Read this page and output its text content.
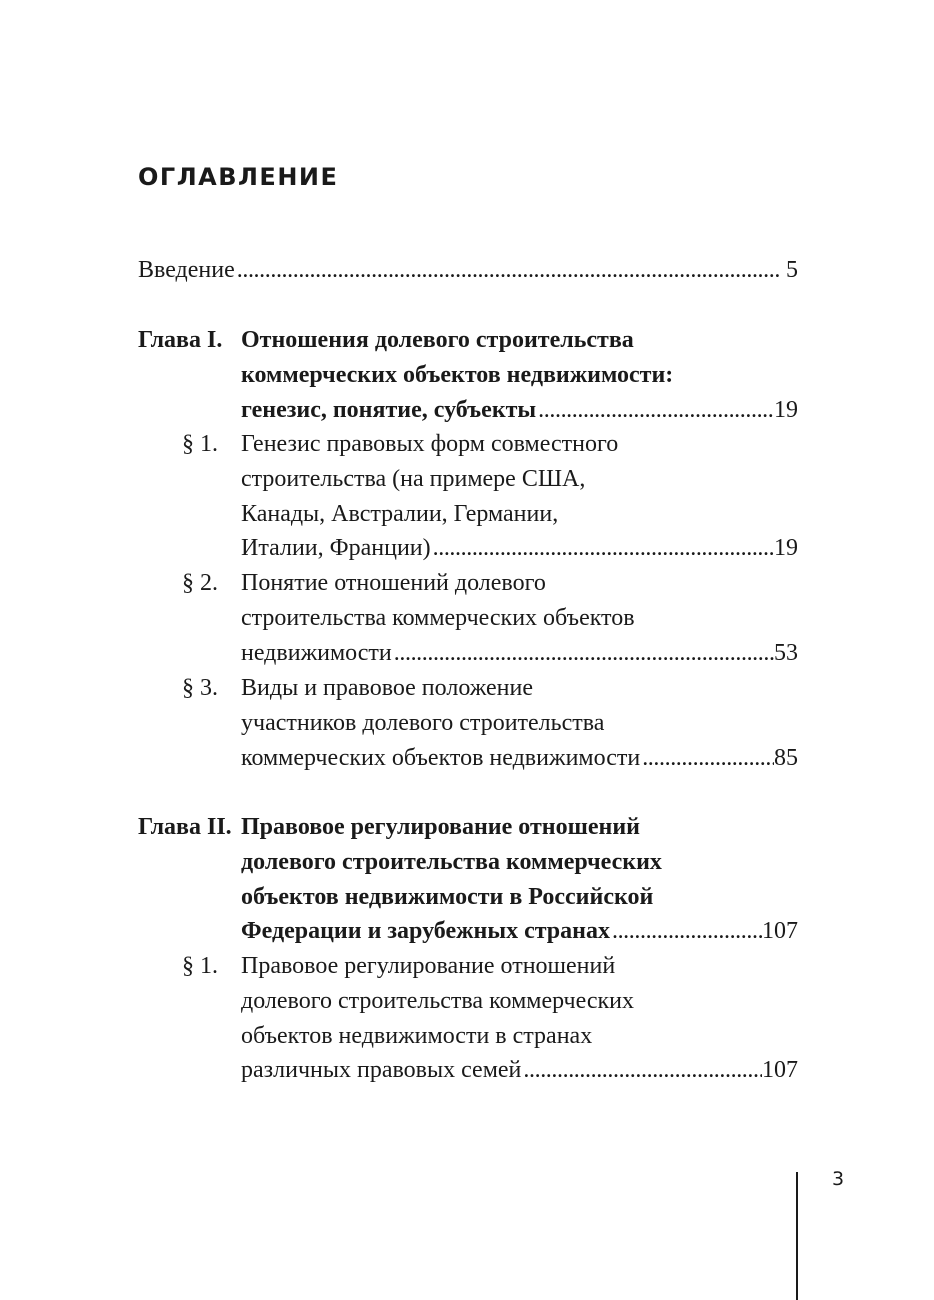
ОГЛАВЛЕНИЕ
Введение . . .	5
Глава I. Отношения долевого строительства
коммерческих объектов недвижимости:
генезис, понятие, субъекты . . .	19
§ 1. Генезис правовых форм совместного
строительства (на примере США,
Канады, Австралии, Германии,
Италии, Франции) . . .	19
§ 2. Понятие отношений долевого
строительства коммерческих объектов
недвижимости . . .	53
§ 3. Виды и правовое положение
участников долевого строительства
коммерческих объектов недвижимости . . .	85
Глава II. Правовое регулирование отношений
долевого строительства коммерческих
объектов недвижимости в Российской
Федерации и зарубежных странах . . .	107
§ 1. Правовое регулирование отношений
долевого строительства коммерческих
объектов недвижимости в странах
различных правовых семей . . .	107
3
